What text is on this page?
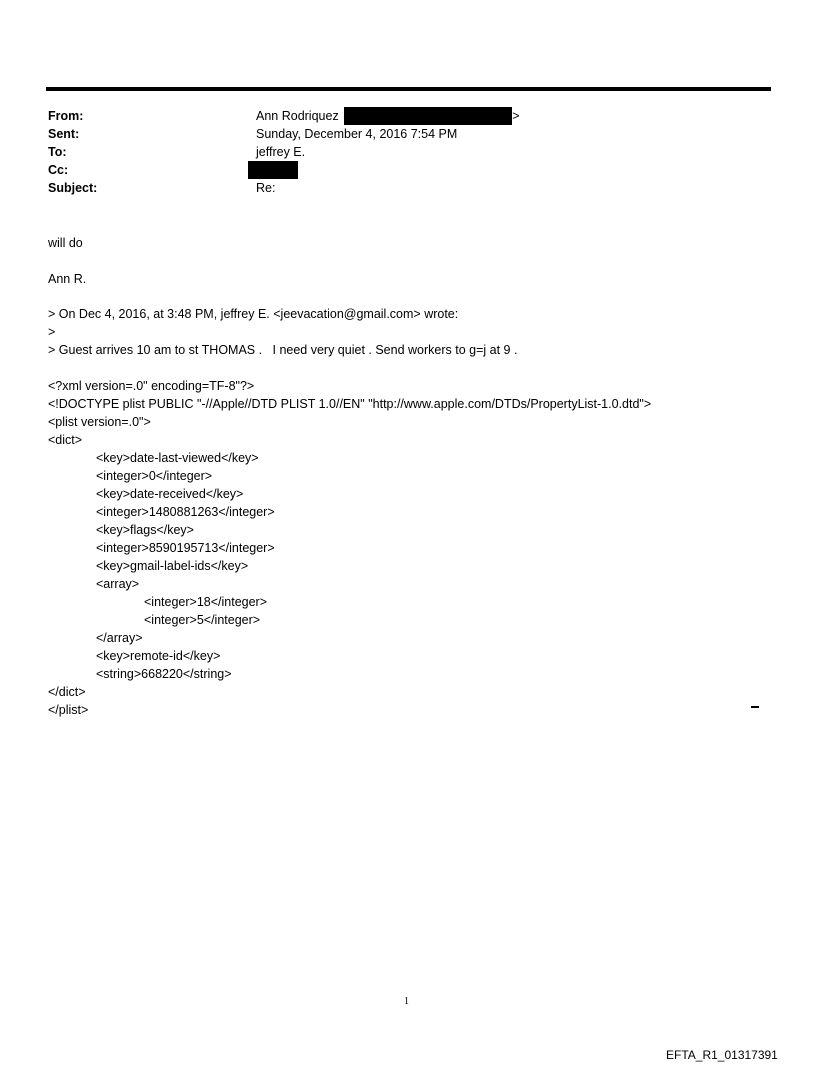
From:	Ann Rodriquez	>
Sent:	Sunday, December 4, 2016 7:54 PM
To:	jeffrey E.
Cc:
Subject:	Re:
will do
Ann R.
> On Dec 4, 2016, at 3:48 PM, jeffrey E. <jeevacation@gmail.com> wrote:
>
> Guest arrives 10 am to st THOMAS .   I need very quiet . Send workers to g=j at 9 .
<?xml version=.0" encoding=TF-8"?>
<!DOCTYPE plist PUBLIC "-//Apple//DTD PLIST 1.0//EN" "http://www.apple.com/DTDs/PropertyList-1.0.dtd">
<plist version=.0">
<dict>
<key>date-last-viewed</key>
<integer>0</integer>
<key>date-received</key>
<integer>1480881263</integer>
<key>flags</key>
<integer>8590195713</integer>
<key>gmail-label-ids</key>
<array>
<integer>18</integer>
<integer>5</integer>
</array>
<key>remote-id</key>
<string>668220</string>
</dict>
</plist>
1
EFTA_R1_01317391
